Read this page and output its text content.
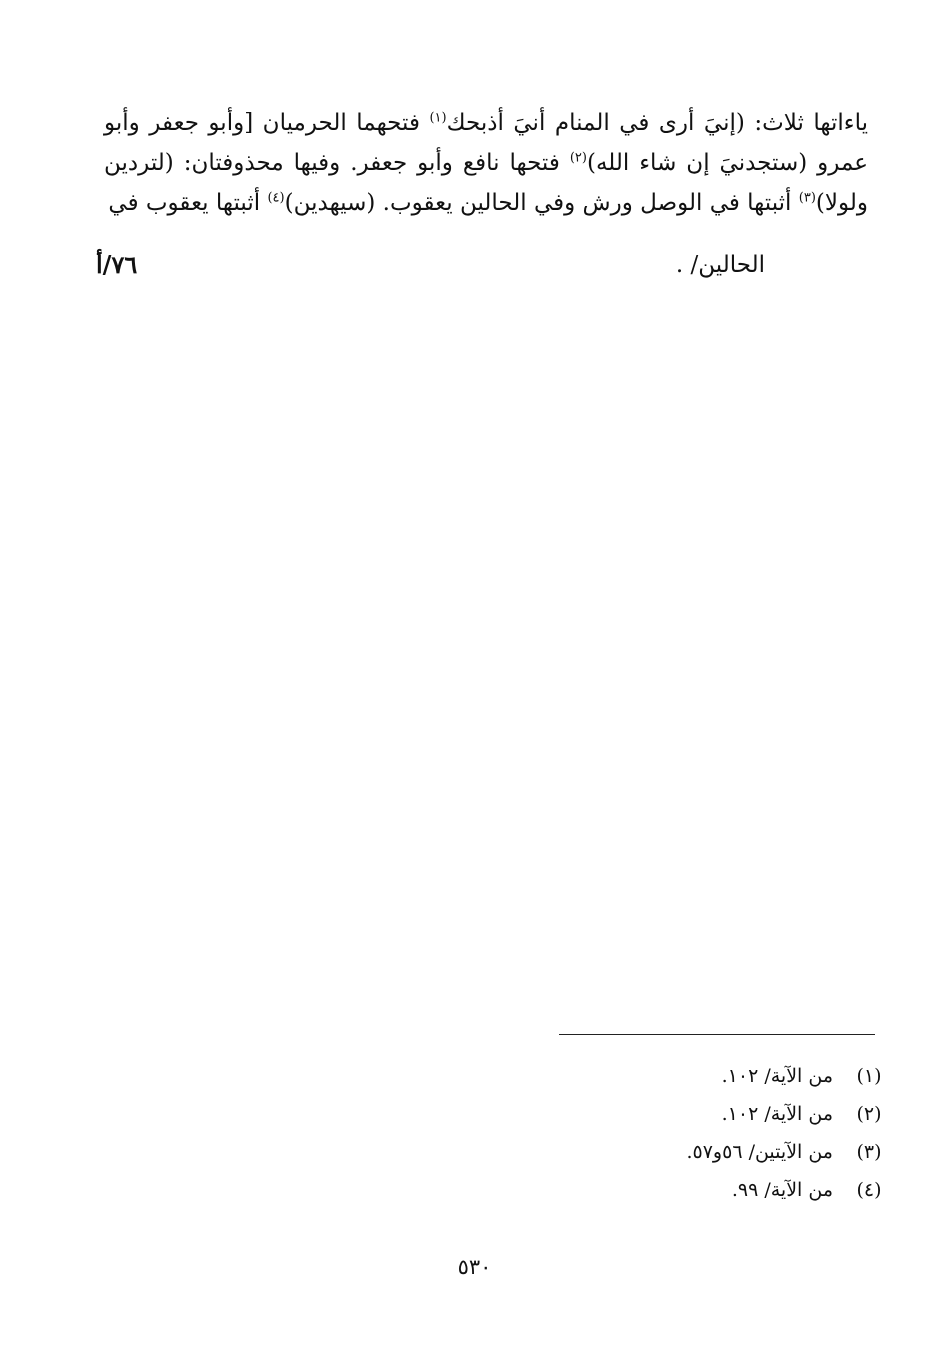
ياءاتها ثلاث: (إنيَ أرى في المنام أنيَ أذبحك$^{(١)}$ فتحهما الحرميان [وأبو جعفر وأبو عمرو (ستجدنيَ إن شاء الله)$^{(٢)}$ فتحها نافع وأبو جعفر. وفيها محذوفتان: (لتردين ولولا)$^{(٣)}$ أثبتها في الوصل ورش وفي الحالين يعقوب. (سيهدين)$^{(٤)}$ أثبتها يعقوب في

الحالين/ .
٧٦/أ
(١)
من الآية/ ١٠٢.
(٢)
من الآية/ ١٠٢.
(٣)
من الآيتين/ ٥٦و٥٧.
(٤)
من الآية/ ٩٩.
٥٣٠
